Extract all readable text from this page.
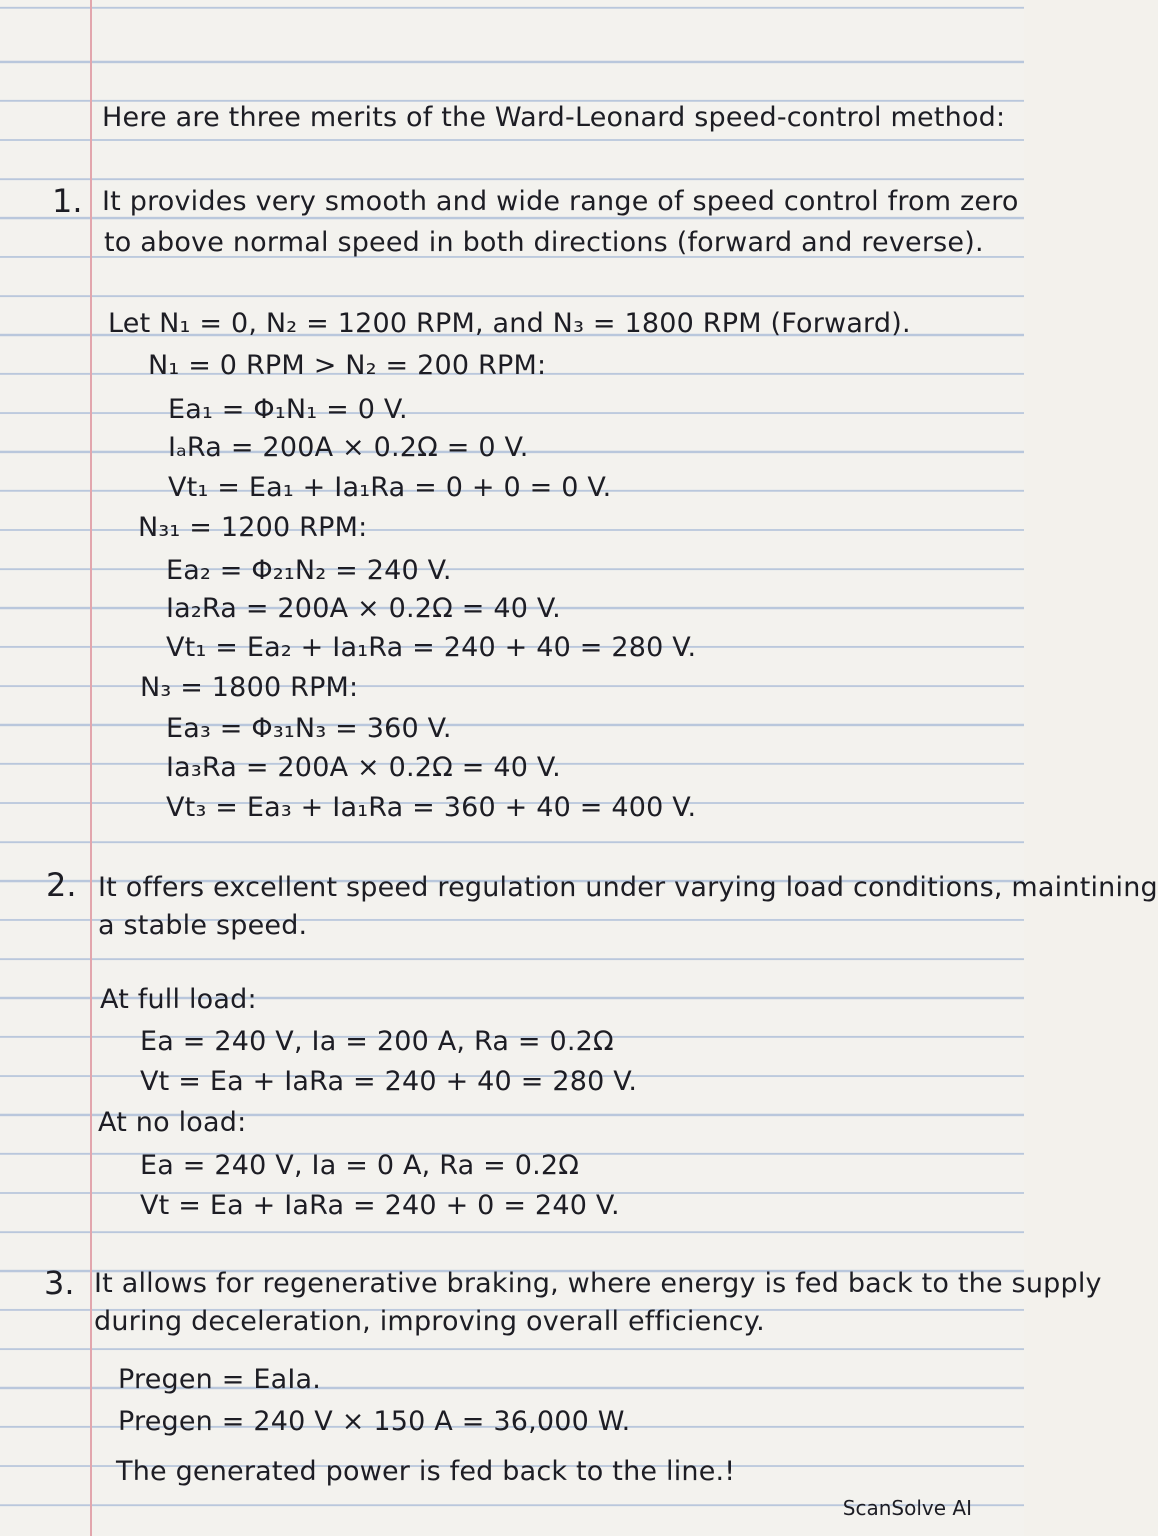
Here are three merits of the Ward-Leonard speed-control method:
1. It provides very smooth and wide range of speed control from zero
to above normal speed in both directions (forward and reverse).
Let N₁ = 0, N₂ = 1200 RPM, and N₃ = 1800 RPM (Forward).
N₁ = 0 RPM > N₂ = 200 RPM:
Ea₁ = Φ₁N₁ = 0 V.
IₐRa = 200A × 0.2Ω = 0 V.
Vt₁ = Ea₁ + Ia₁Ra = 0 + 0 = 0 V.
N₃₁ = 1200 RPM:
Ea₂ = Φ₂₁N₂ = 240 V.
Ia₂Ra = 200A × 0.2Ω = 40 V.
Vt₁ = Ea₂ + Ia₁Ra = 240 + 40 = 280 V.
N₃ = 1800 RPM:
Ea₃ = Φ₃₁N₃ = 360 V.
Ia₃Ra = 200A × 0.2Ω = 40 V.
Vt₃ = Ea₃ + Ia₁Ra = 360 + 40 = 400 V.
2. It offers excellent speed regulation under varying load conditions, maintining
a stable speed.
At full load:
Ea = 240 V, Ia = 200 A, Ra = 0.2Ω
Vt = Ea + IaRa = 240 + 40 = 280 V.
At no load:
Ea = 240 V, Ia = 0 A, Ra = 0.2Ω
Vt = Ea + IaRa = 240 + 0 = 240 V.
3. It allows for regenerative braking, where energy is fed back to the supply
during deceleration, improving overall efficiency.
Pregen = EaIa.
Pregen = 240 V × 150 A = 36,000 W.
The generated power is fed back to the line.!
ScanSolve AI
